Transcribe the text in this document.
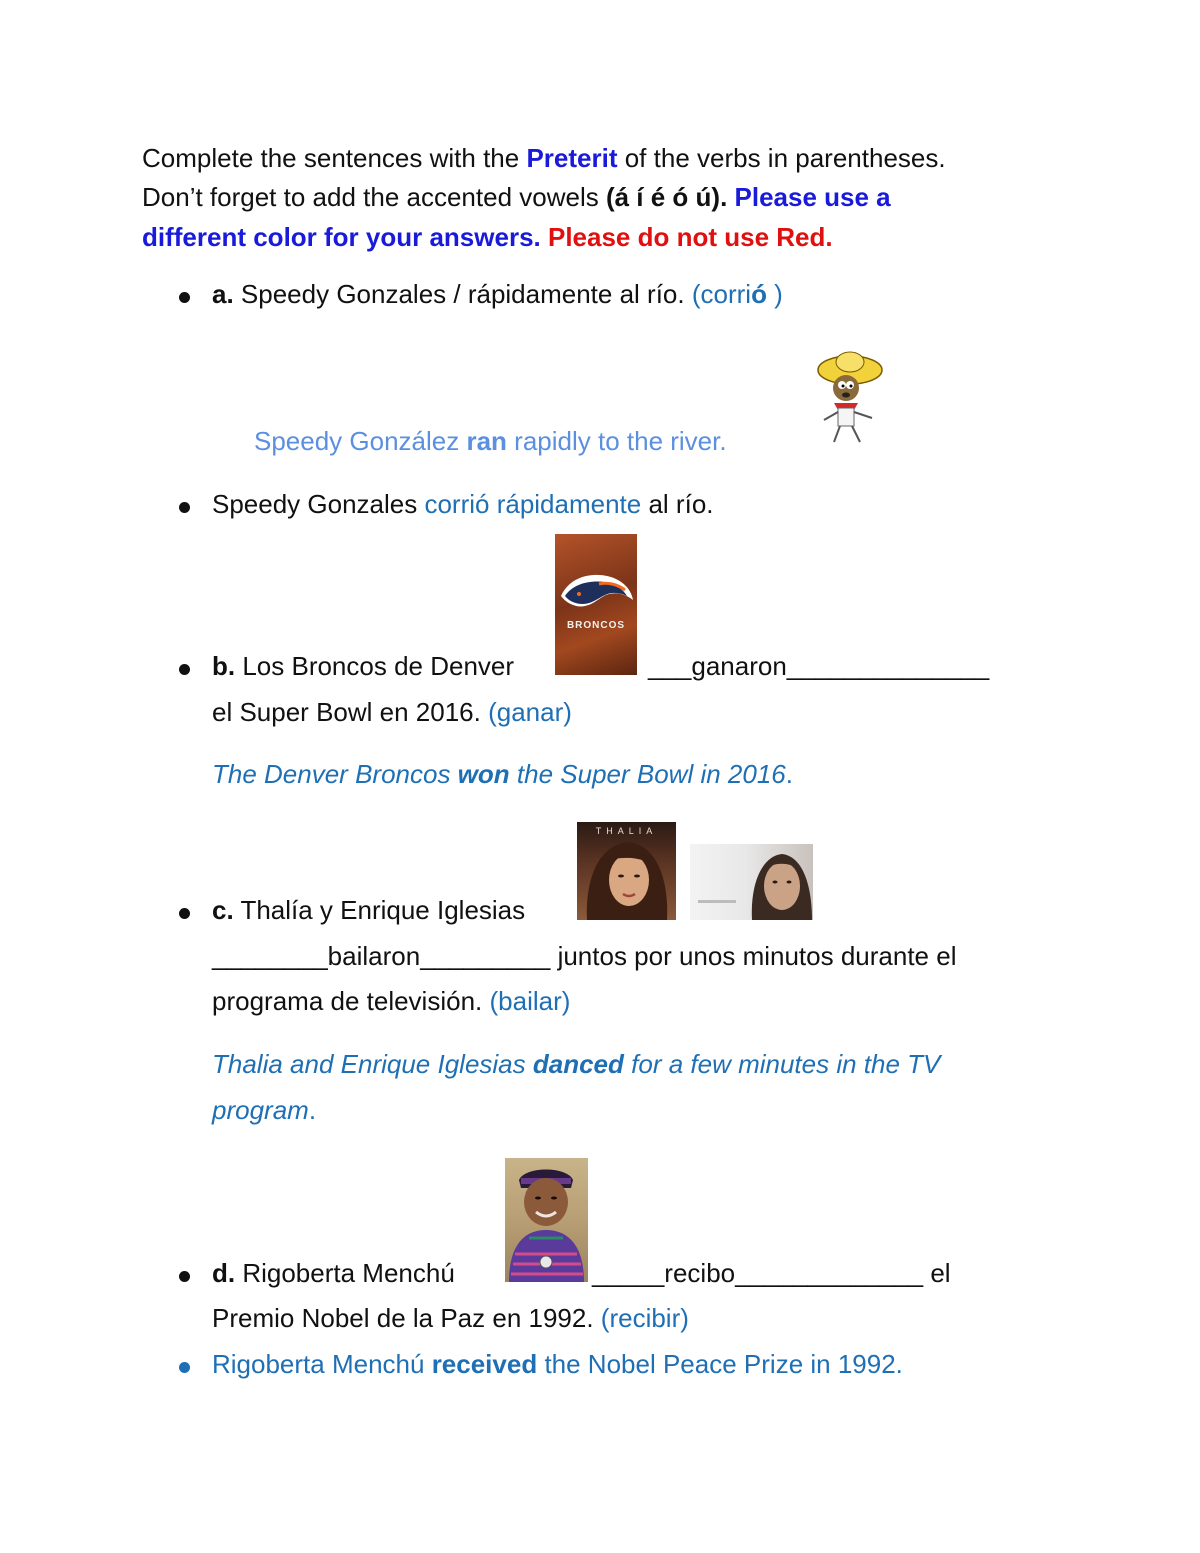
Complete the sentences with the Preterit of the verbs in parentheses.
Don’t forget to add the accented vowels (á í é ó ú). Please use a
different color for your answers. Please do not use Red.
a. Speedy Gonzales / rápidamente al río. (corrió )
Speedy González ran rapidly to the river.
Speedy Gonzales corrió rápidamente al río.
BRONCOS
b. Los Broncos de Denver	___ganaron______________
el Super Bowl en 2016. (ganar)
The Denver Broncos won the Super Bowl in 2016.
THALIA
c. Thalía y Enrique Iglesias
________bailaron_________ juntos por unos minutos durante el
programa de televisión. (bailar)
Thalia and Enrique Iglesias danced for a few minutes in the TV
program.
d. Rigoberta Menchú	_____recibo_____________ el
Premio Nobel de la Paz en 1992. (recibir)
Rigoberta Menchú received the Nobel Peace Prize in 1992.
